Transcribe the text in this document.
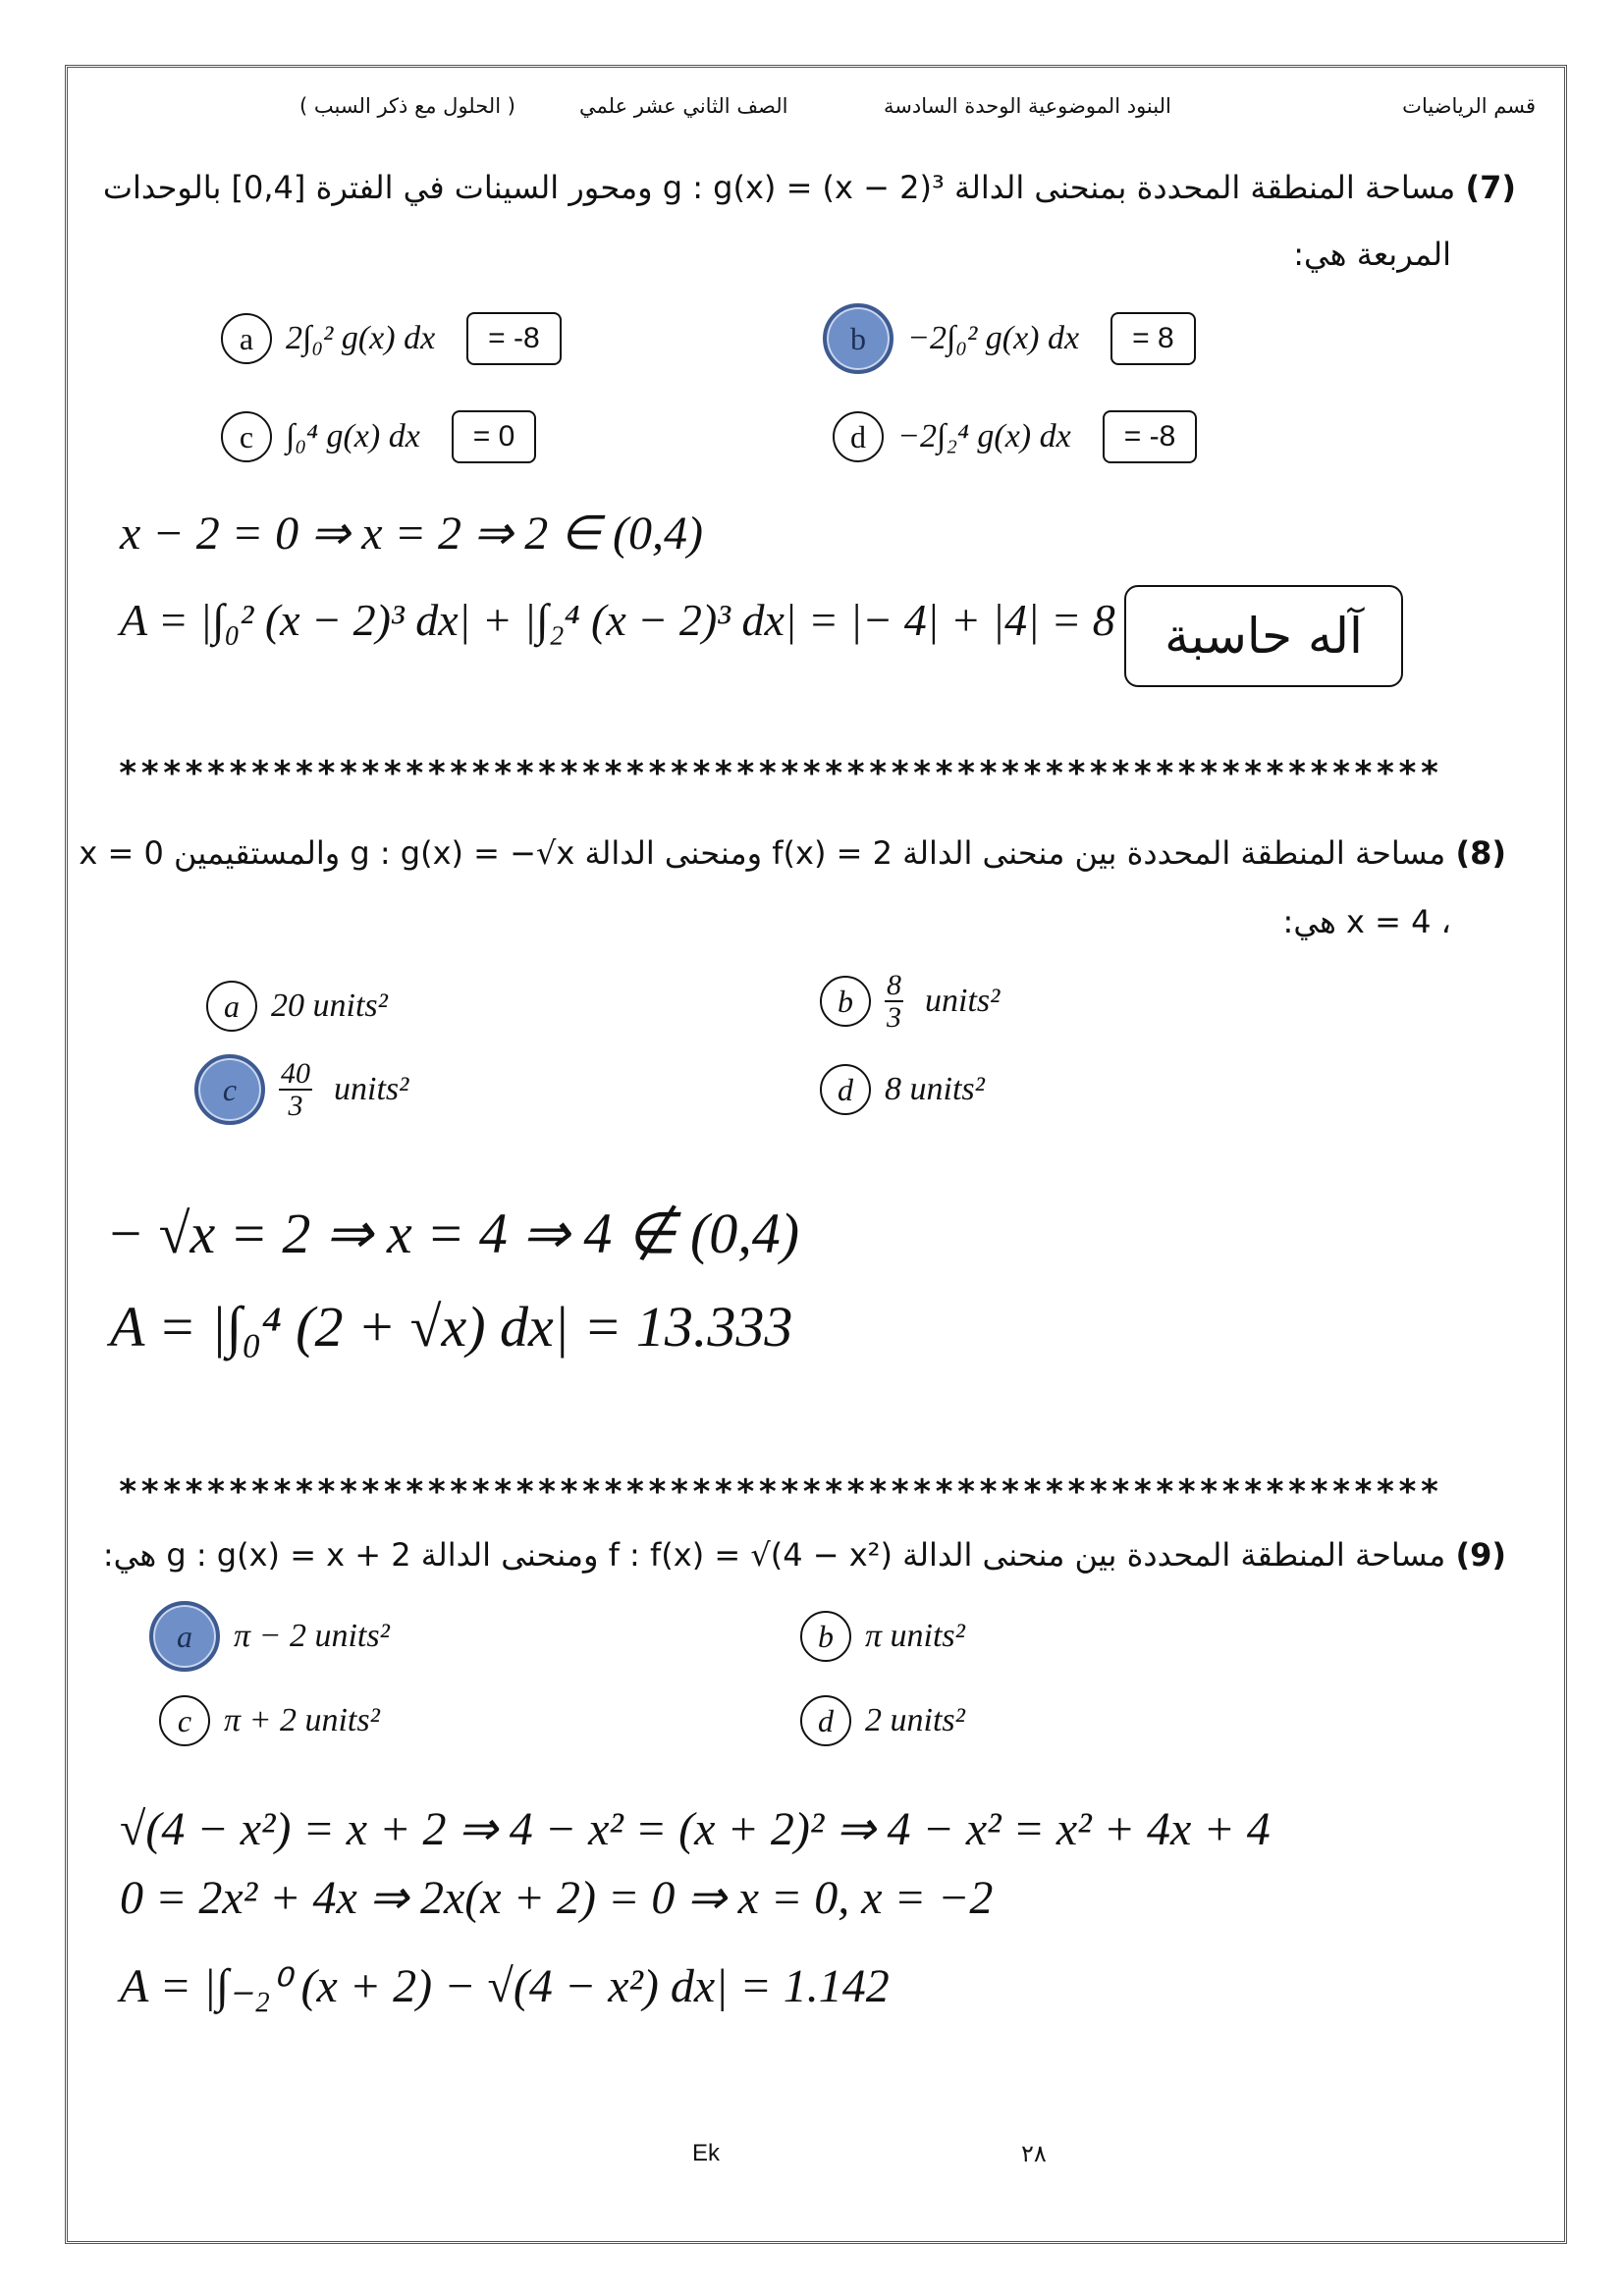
قسم الرياضيات
البنود الموضوعية الوحدة السادسة
الصف الثاني عشر علمي
( الحلول مع ذكر السبب )
(7) مساحة المنطقة المحددة بمنحنى الدالة g : g(x) = (x − 2)³ ومحور السينات في الفترة [0,4] بالوحدات
المربعة هي:
a 2∫₀² g(x) dx	= -8	b	−2∫₀² g(x) dx	= 8
c ∫₀⁴ g(x) dx	= 0	d −2∫₂⁴ g(x) dx	= -8
x − 2 = 0 ⇒ x = 2 ⇒ 2 ∈ (0,4)
A = |∫₀² (x − 2)³ dx| + |∫₂⁴ (x − 2)³ dx| = |− 4| + |4| = 8	آله حاسبة
************************************************************
(8) مساحة المنطقة المحددة بين منحنى الدالة f(x) = 2 ومنحنى الدالة g : g(x) = −√x والمستقيمين x = 0
، x = 4 هي:
a 20 units²	b	$\frac{8}{3}$ units²
c	$\frac{40}{3}$ units²	d 8 units²
− √x = 2 ⇒ x = 4 ⇒ 4 ∉ (0,4)
A = |∫₀⁴ (2 + √x) dx| = 13.333
************************************************************
(9) مساحة المنطقة المحددة بين منحنى الدالة f : f(x) = √(4 − x²) ومنحنى الدالة g : g(x) = x + 2 هي:
a	π − 2 units²	b π units²
c π + 2 units²	d 2 units²
√(4 − x²) = x + 2 ⇒ 4 − x² = (x + 2)² ⇒ 4 − x² = x² + 4x + 4
0 = 2x² + 4x ⇒ 2x(x + 2) = 0 ⇒ x = 0, x = −2
A = |∫₋₂⁰ (x + 2) − √(4 − x²) dx| = 1.142
Ek	٢٨
